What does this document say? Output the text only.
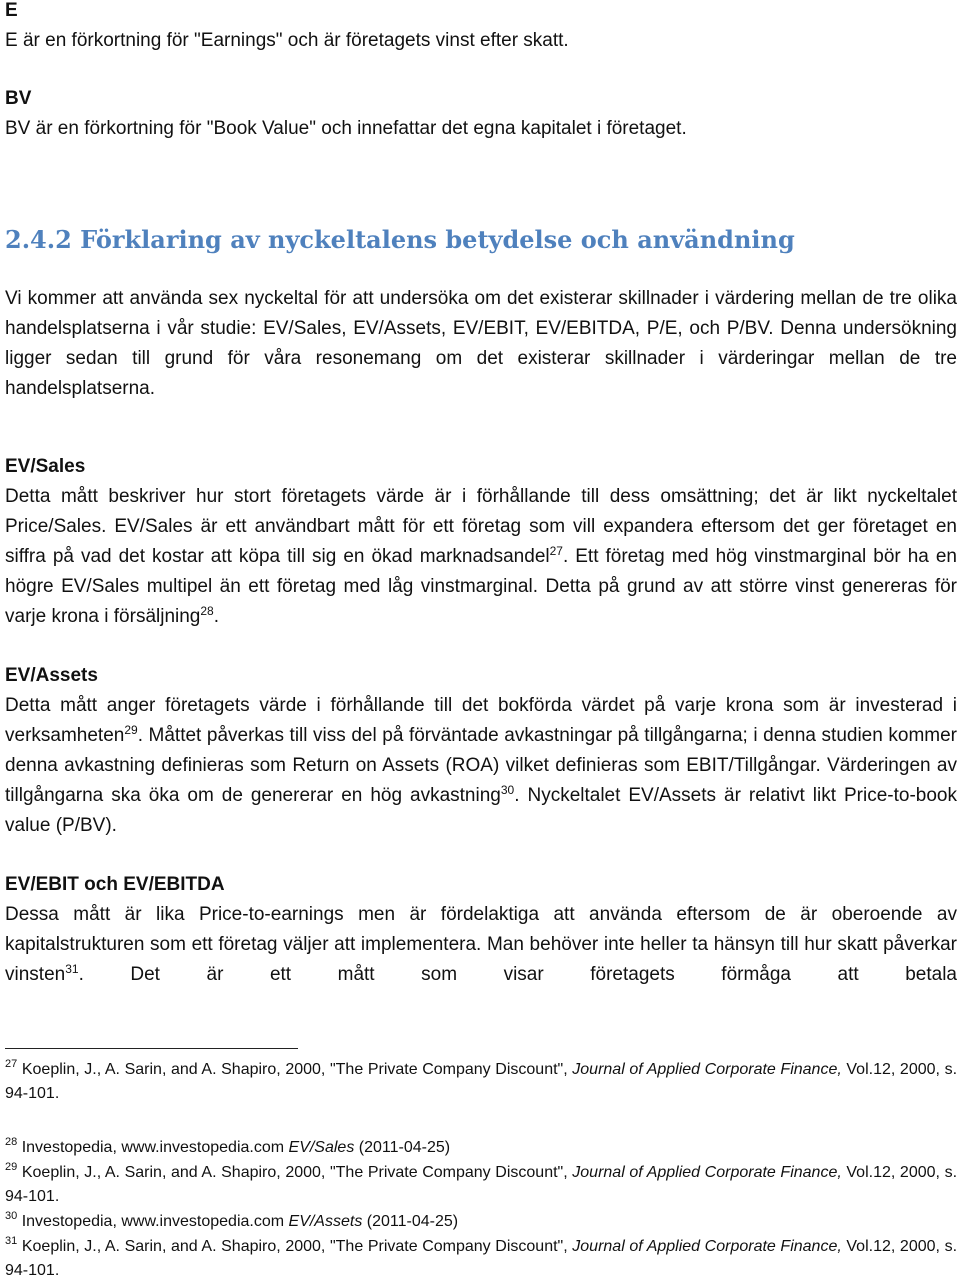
E
E är en förkortning för "Earnings" och är företagets vinst efter skatt.
BV
BV är en förkortning för "Book Value" och innefattar det egna kapitalet i företaget.
2.4.2 Förklaring av nyckeltalens betydelse och användning

Vi kommer att använda sex nyckeltal för att undersöka om det existerar skillnader i värdering mellan de tre olika handelsplatserna i vår studie: EV/Sales, EV/Assets, EV/EBIT, EV/EBITDA, P/E, och P/BV. Denna undersökning ligger sedan till grund för våra resonemang om det existerar skillnader i värderingar mellan de tre handelsplatserna.

EV/Sales

Detta mått beskriver hur stort företagets värde är i förhållande till dess omsättning; det är likt nyckeltalet Price/Sales. EV/Sales är ett användbart mått för ett företag som vill expandera eftersom det ger företaget en siffra på vad det kostar att köpa till sig en ökad marknadsandel$^{27}$. Ett företag med hög vinstmarginal bör ha en högre EV/Sales multipel än ett företag med låg vinstmarginal. Detta på grund av att större vinst genereras för varje krona i försäljning$^{28}$.

EV/Assets

Detta mått anger företagets värde i förhållande till det bokförda värdet på varje krona som är investerad i verksamheten$^{29}$. Måttet påverkas till viss del på förväntade avkastningar på tillgångarna; i denna studien kommer denna avkastning definieras som Return on Assets (ROA) vilket definieras som EBIT/Tillgångar. Värderingen av tillgångarna ska öka om de genererar en hög avkastning$^{30}$. Nyckeltalet EV/Assets är relativt likt Price-to-book value (P/BV).

EV/EBIT och EV/EBITDA

Dessa mått är lika Price-to-earnings men är fördelaktiga att använda eftersom de är oberoende av kapitalstrukturen som ett företag väljer att implementera. Man behöver inte heller ta hänsyn till hur skatt påverkar vinsten$^{31}$. Det är ett mått som visar företagets förmåga att betala

$^{27}$ Koeplin, J., A. Sarin, and A. Shapiro, 2000, "The Private Company Discount", Journal of Applied Corporate Finance, Vol.12, 2000, s. 94-101.
$^{28}$ Investopedia, www.investopedia.com EV/Sales (2011-04-25)
$^{29}$ Koeplin, J., A. Sarin, and A. Shapiro, 2000, "The Private Company Discount", Journal of Applied Corporate Finance, Vol.12, 2000, s. 94-101.
$^{30}$ Investopedia, www.investopedia.com EV/Assets (2011-04-25)
$^{31}$ Koeplin, J., A. Sarin, and A. Shapiro, 2000, "The Private Company Discount", Journal of Applied Corporate Finance, Vol.12, 2000, s. 94-101.
